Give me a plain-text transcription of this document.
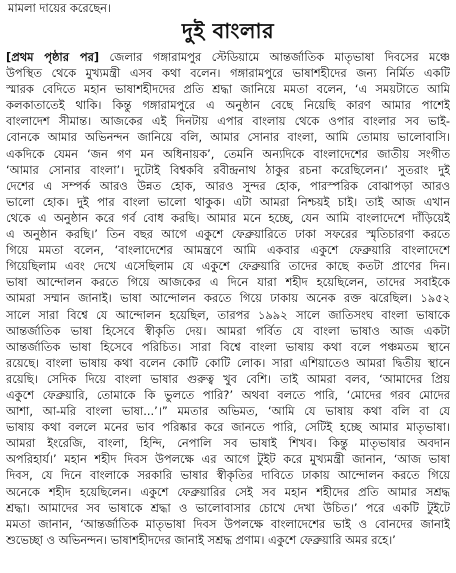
মামলা দায়ের করেছেন।
দুই বাংলার
[প্রথম পৃষ্ঠার পর] জেলার গঙ্গারামপুর স্টেডিয়ামে আন্তর্জাতিক মাতৃভাষা দিবসের মঞ্চে
উপস্থিত থেকে মুখ্যমন্ত্রী এসব কথা বলেন। গঙ্গারামপুরে ভাষাশহীদের জন্য নির্মিত একটি
স্মারক বেদিতে মহান ভাষাশহীদদের প্রতি শ্রদ্ধা জানিয়ে মমতা বলেন, ‘এ সময়টাতে আমি
কলকাতাতেই থাকি। কিন্তু গঙ্গারামপুরে এ অনুষ্ঠান বেছে নিয়েছি কারণ আমার পাশেই
বাংলাদেশ সীমান্ত। আজকের এই দিনটায় এপার বাংলায় থেকে ওপার বাংলার সব ভাই-
বোনকে আমার অভিনন্দন জানিয়ে বলি, আমার সোনার বাংলা, আমি তোমায় ভালোবাসি।
একদিকে যেমন ‘জন গণ মন অধিনায়ক’, তেমনি অন্যদিকে বাংলাদেশের জাতীয় সংগীত
‘আমার সোনার বাংলা’। দুটোই বিশ্বকবি রবীন্দ্রনাথ ঠাকুর রচনা করেছিলেন।’ সুতরাং দুই
দেশের এ সম্পর্ক আরও উন্নত হোক, আরও সুন্দর হোক, পারস্পরিক বোঝাপড়া আরও
ভালো হোক। দুই পার বাংলা ভালো থাকুক। এটা আমরা নিশ্চয়ই চাই। তাই আজ এখান
থেকে এ অনুষ্ঠান করে গর্ব বোধ করছি। আমার মনে হচ্ছে, যেন আমি বাংলাদেশে দাঁড়িয়েই
এ অনুষ্ঠান করছি।’ তিন বছর আগে একুশে ফেব্রুয়ারিতে ঢাকা সফরের স্মৃতিচারণা করতে
গিয়ে মমতা বলেন, ‘বাংলাদেশের আমন্ত্রণে আমি একবার একুশে ফেব্রুয়ারি বাংলাদেশে
গিয়েছিলাম এবং দেখে এসেছিলাম যে একুশে ফেব্রুয়ারি তাদের কাছে কতটা প্রাণের দিন।
ভাষা আন্দোলন করতে গিয়ে আজকের এ দিনে যারা শহীদ হয়েছিলেন, তাদের সবাইকে
আমরা সম্মান জানাই। ভাষা আন্দোলন করতে গিয়ে ঢাকায় অনেক রক্ত ঝরেছিল। ১৯৫২
সালে সারা বিশ্বে যে আন্দোলন হয়েছিল, তারপর ১৯৯২ সালে জাতিসংঘ বাংলা ভাষাকে
আন্তর্জাতিক ভাষা হিসেবে স্বীকৃতি দেয়। আমরা গর্বিত যে বাংলা ভাষাও আজ একটা
আন্তর্জাতিক ভাষা হিসেবে পরিচিত। সারা বিশ্বে বাংলা ভাষায় কথা বলে পঞ্চমতম স্থানে
রয়েছে। বাংলা ভাষায় কথা বলেন কোটি কোটি লোক। সারা এশিয়াতেও আমরা দ্বিতীয় স্থানে
রয়েছি। সেদিক দিয়ে বাংলা ভাষার গুরুত্ব খুব বেশি। তাই আমরা বলব, ‘আমাদের প্রিয়
একুশে ফেব্রুয়ারি, তোমাকে কি ভুলতে পারি?’ অথবা বলতে পারি, ‘মোদের গরব মোদের
আশা, আ-মরি বাংলা ভাষা...’।” মমতার অভিমত, ‘আমি যে ভাষায় কথা বলি বা যে
ভাষায় কথা বললে মনের ভাব পরিষ্কার করে জানতে পারি, সেটিই হচ্ছে আমার মাতৃভাষা।
আমরা ইংরেজি, বাংলা, হিন্দি, নেপালি সব ভাষাই শিখব। কিন্তু মাতৃভাষার অবদান
অপরিহার্য।’ মহান শহীদ দিবস উপলক্ষে এর আগে টুইট করে মুখ্যমন্ত্রী জানান, ‘আজ ভাষা
দিবস, যে দিনে বাংলাকে সরকারি ভাষার স্বীকৃতির দাবিতে ঢাকায় আন্দোলন করতে গিয়ে
অনেকে শহীদ হয়েছিলেন। একুশে ফেব্রুয়ারির সেই সব মহান শহীদের প্রতি আমার সশ্রদ্ধ
শ্রদ্ধা। আমাদের সব ভাষাকে শ্রদ্ধা ও ভালোবাসার চোখে দেখা উচিত।’ পরে একটি টুইটে
মমতা জানান, ‘আন্তর্জাতিক মাতৃভাষা দিবস উপলক্ষে বাংলাদেশের ভাই ও বোনদের জানাই
শুভেচ্ছা ও অভিনন্দন। ভাষাশহীদদের জানাই সশ্রদ্ধ প্রণাম। একুশে ফেব্রুয়ারি অমর রহে।’
